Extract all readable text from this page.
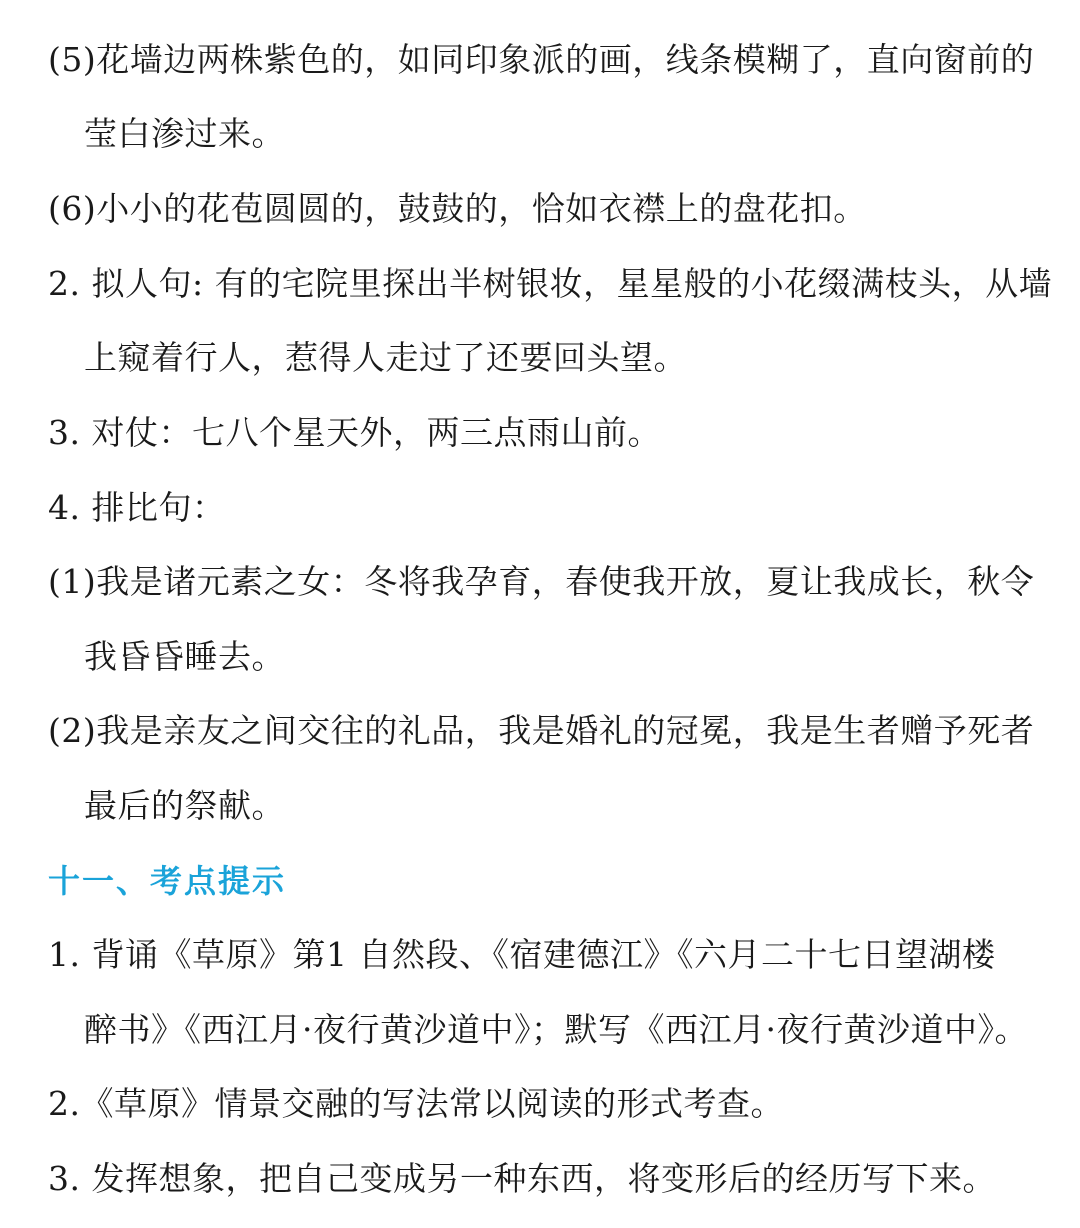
(5)花墙边两株紫色的，如同印象派的画，线条模糊了，直向窗前的
莹白渗过来。
(6)小小的花苞圆圆的，鼓鼓的，恰如衣襟上的盘花扣。
2. 拟人句: 有的宅院里探出半树银妆，星星般的小花缀满枝头，从墙
上窥着行人，惹得人走过了还要回头望。
3. 对仗：七八个星天外，两三点雨山前。
4. 排比句：
(1)我是诸元素之女：冬将我孕育，春使我开放，夏让我成长，秋令
我昏昏睡去。
(2)我是亲友之间交往的礼品，我是婚礼的冠冕，我是生者赠予死者
最后的祭献。
十一、考点提示
1. 背诵《草原》第1 自然段、《宿建德江》《六月二十七日望湖楼
醉书》《西江月·夜行黄沙道中》；默写《西江月·夜行黄沙道中》。
2.《草原》情景交融的写法常以阅读的形式考查。
3. 发挥想象，把自己变成另一种东西，将变形后的经历写下来。
